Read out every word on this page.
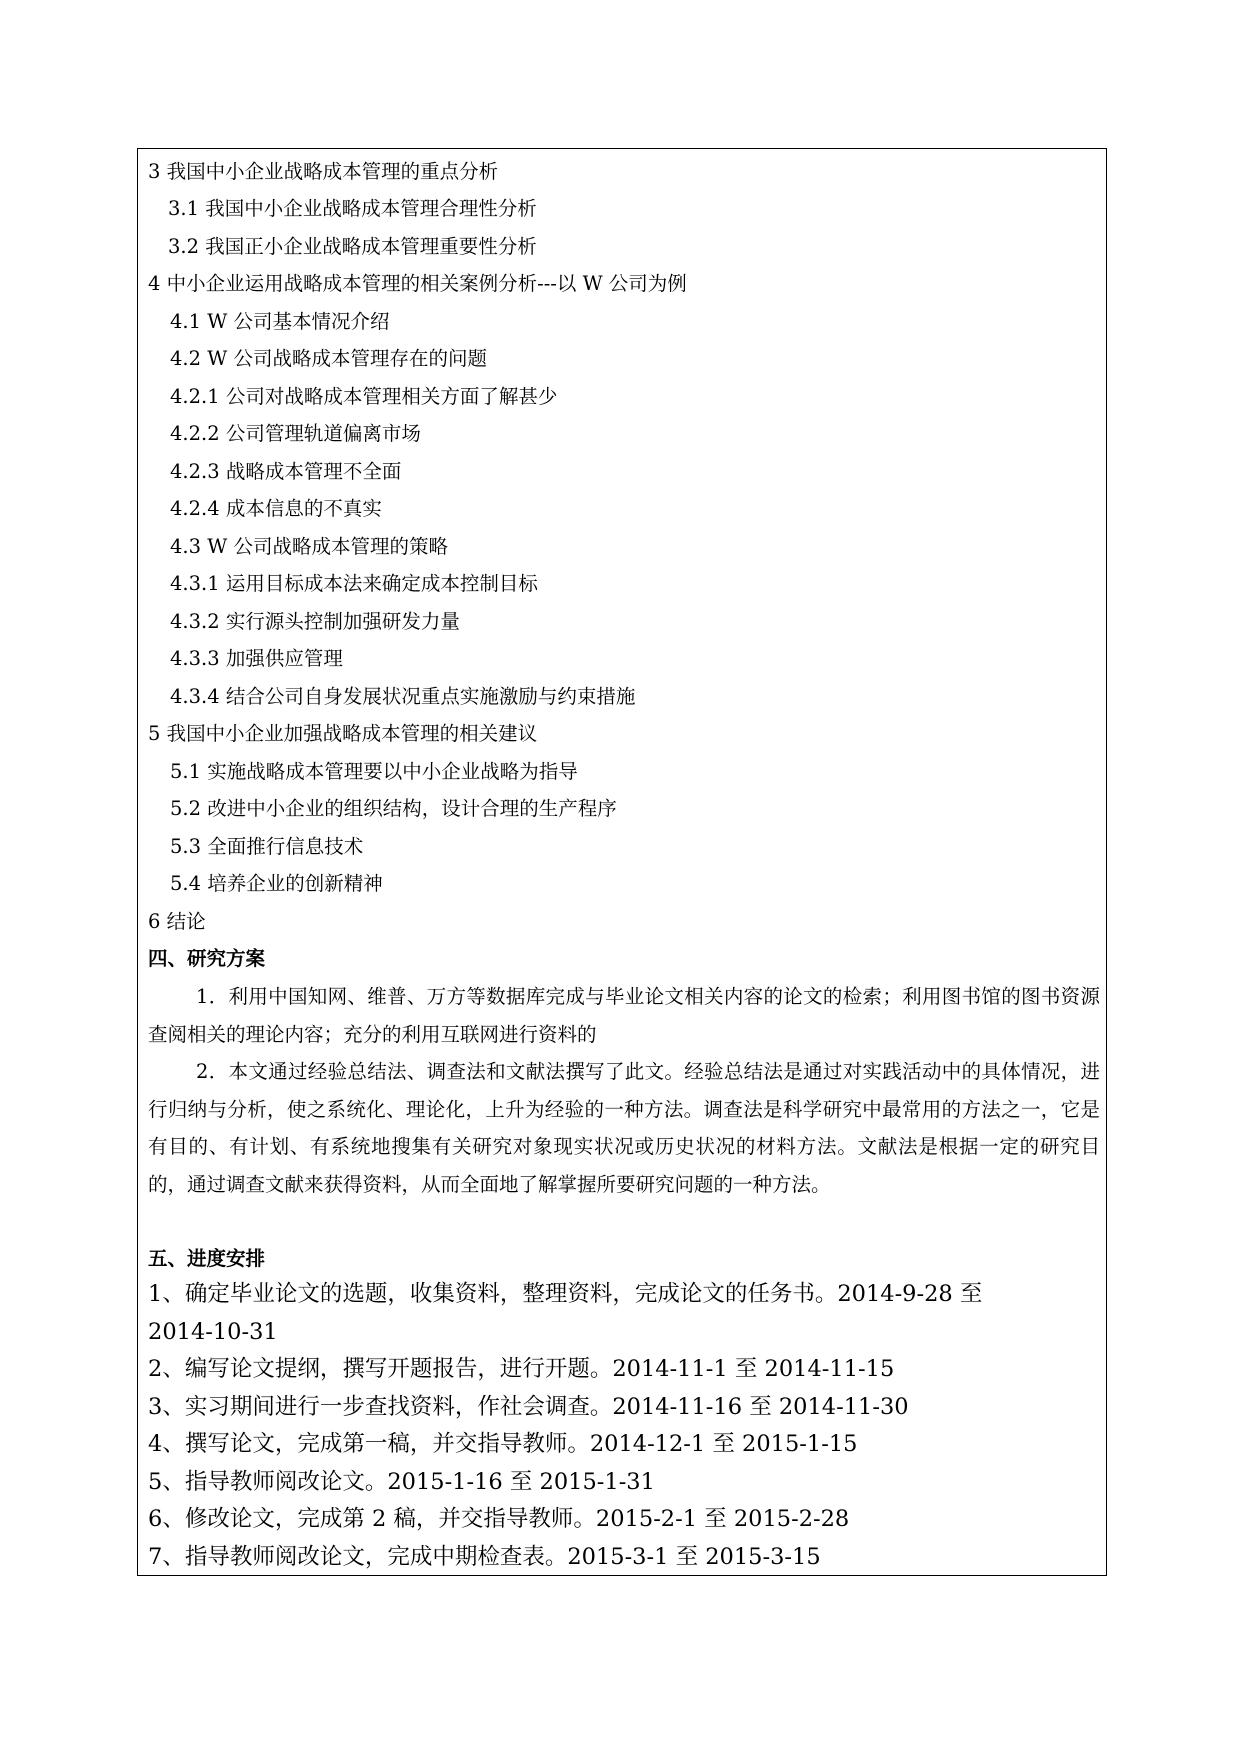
3 我国中小企业战略成本管理的重点分析
3.1 我国中小企业战略成本管理合理性分析
3.2 我国正小企业战略成本管理重要性分析
4 中小企业运用战略成本管理的相关案例分析---以 W 公司为例
4.1 W 公司基本情况介绍
4.2 W 公司战略成本管理存在的问题
4.2.1 公司对战略成本管理相关方面了解甚少
4.2.2 公司管理轨道偏离市场
4.2.3 战略成本管理不全面
4.2.4 成本信息的不真实
4.3 W 公司战略成本管理的策略
4.3.1 运用目标成本法来确定成本控制目标
4.3.2 实行源头控制加强研发力量
4.3.3 加强供应管理
4.3.4 结合公司自身发展状况重点实施激励与约束措施
5 我国中小企业加强战略成本管理的相关建议
5.1 实施战略成本管理要以中小企业战略为指导
5.2 改进中小企业的组织结构，设计合理的生产程序
5.3 全面推行信息技术
5.4 培养企业的创新精神
6 结论
四、研究方案
1．利用中国知网、维普、万方等数据库完成与毕业论文相关内容的论文的检索；利用图书馆的图书资源查阅相关的理论内容；充分的利用互联网进行资料的
2．本文通过经验总结法、调查法和文献法撰写了此文。经验总结法是通过对实践活动中的具体情况，进行归纳与分析，使之系统化、理论化，上升为经验的一种方法。调查法是科学研究中最常用的方法之一，它是有目的、有计划、有系统地搜集有关研究对象现实状况或历史状况的材料方法。文献法是根据一定的研究目的，通过调查文献来获得资料，从而全面地了解掌握所要研究问题的一种方法。
五、进度安排
1、确定毕业论文的选题，收集资料，整理资料，完成论文的任务书。2014-9-28 至
2014-10-31
2、编写论文提纲，撰写开题报告，进行开题。2014-11-1 至 2014-11-15
3、实习期间进行一步查找资料，作社会调查。2014-11-16 至 2014-11-30
4、撰写论文，完成第一稿，并交指导教师。2014-12-1 至 2015-1-15
5、指导教师阅改论文。2015-1-16 至 2015-1-31
6、修改论文，完成第 2 稿，并交指导教师。2015-2-1 至 2015-2-28
7、指导教师阅改论文，完成中期检查表。2015-3-1 至 2015-3-15
